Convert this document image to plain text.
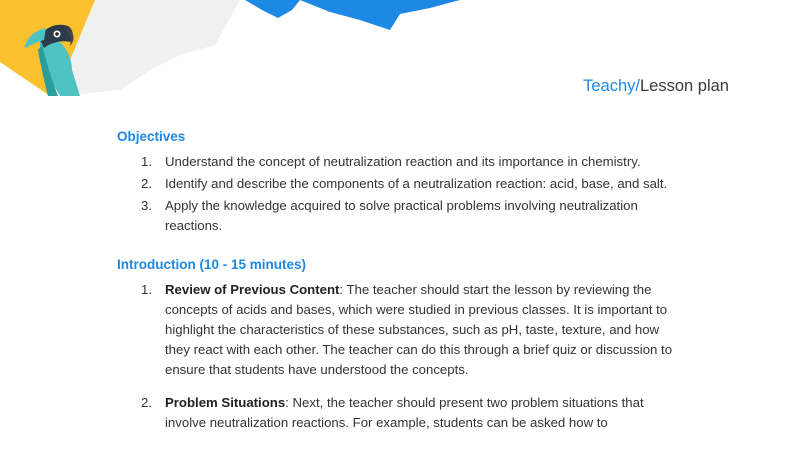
Teachy/Lesson plan
Objectives
1. Understand the concept of neutralization reaction and its importance in chemistry.
2. Identify and describe the components of a neutralization reaction: acid, base, and salt.
3. Apply the knowledge acquired to solve practical problems involving neutralization reactions.
Introduction (10 - 15 minutes)
1. Review of Previous Content: The teacher should start the lesson by reviewing the concepts of acids and bases, which were studied in previous classes. It is important to highlight the characteristics of these substances, such as pH, taste, texture, and how they react with each other. The teacher can do this through a brief quiz or discussion to ensure that students have understood the concepts.
2. Problem Situations: Next, the teacher should present two problem situations that involve neutralization reactions. For example, students can be asked how to
